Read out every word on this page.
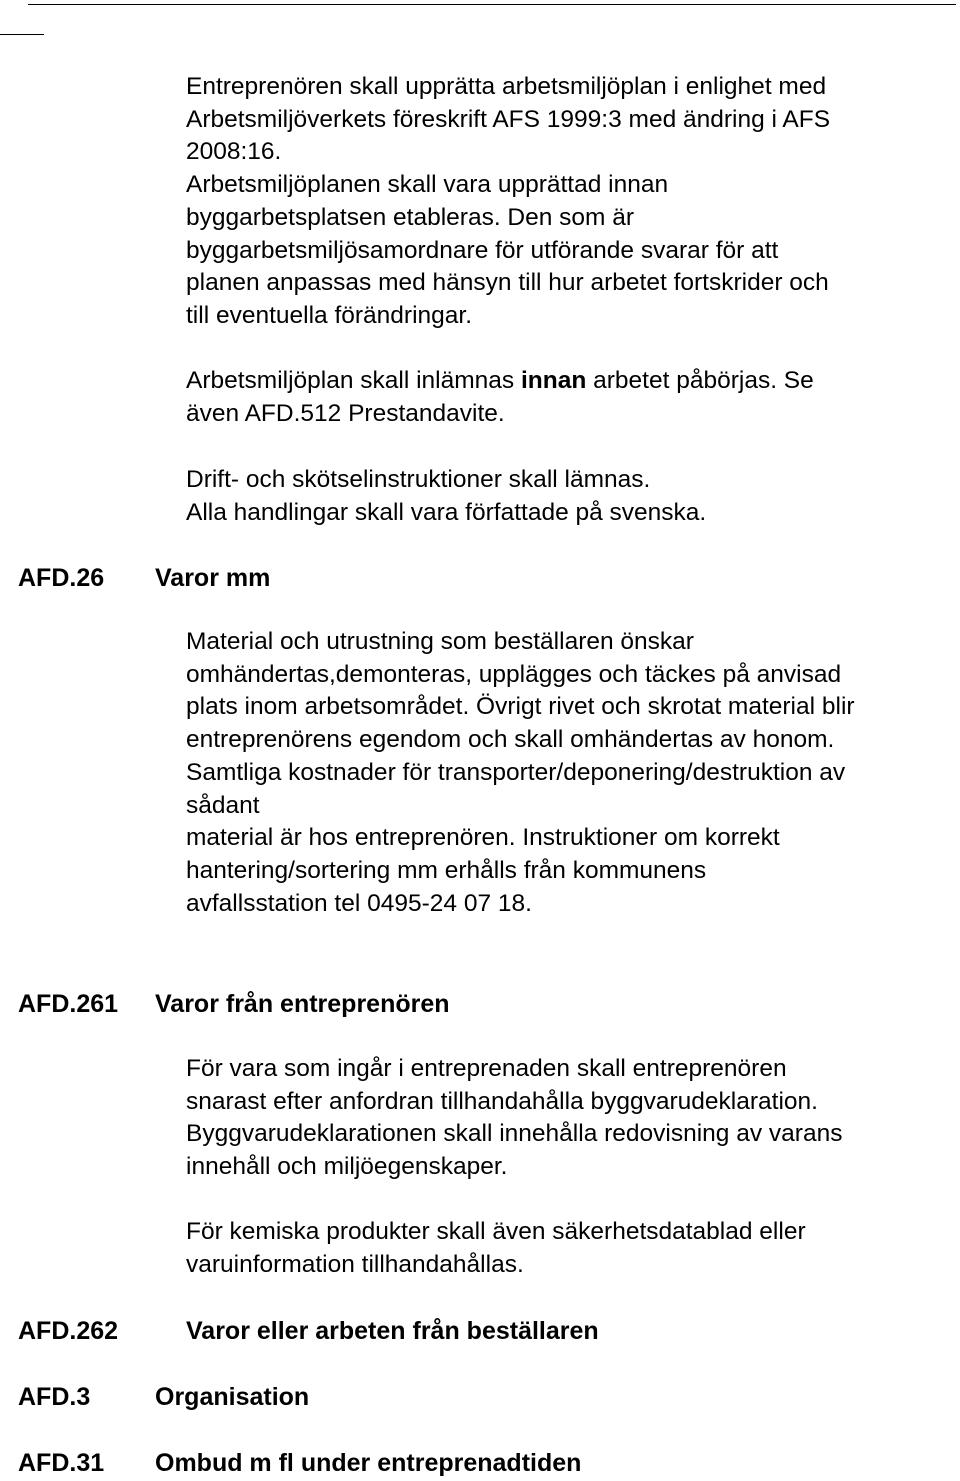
Entreprenören skall upprätta arbetsmiljöplan i enlighet med
Arbetsmiljöverkets föreskrift AFS 1999:3 med ändring i AFS
2008:16.
Arbetsmiljöplanen skall vara upprättad innan
byggarbetsplatsen etableras. Den som är
byggarbetsmiljösamordnare för utförande svarar för att
planen anpassas med hänsyn till hur arbetet fortskrider och
till eventuella förändringar.
Arbetsmiljöplan skall inlämnas innan arbetet påbörjas. Se
även AFD.512 Prestandavite.
Drift- och skötselinstruktioner skall lämnas.
Alla handlingar skall vara författade på svenska.
AFD.26 Varor mm
Material och utrustning som beställaren önskar
omhändertas,demonteras, upplägges och täckes på anvisad
plats inom arbetsområdet. Övrigt rivet och skrotat material blir
entreprenörens egendom och skall omhändertas av honom.
Samtliga kostnader för transporter/deponering/destruktion av
sådant
material är hos entreprenören. Instruktioner om korrekt
hantering/sortering mm erhålls från kommunens
avfallsstation tel 0495-24 07 18.
AFD.261 Varor från entreprenören
För vara som ingår i entreprenaden skall entreprenören
snarast efter anfordran tillhandahålla byggvarudeklaration.
Byggvarudeklarationen skall innehålla redovisning av varans
innehåll och miljöegenskaper.
För kemiska produkter skall även säkerhetsdatablad eller
varuinformation tillhandahållas.
AFD.262	Varor eller arbeten från beställaren
AFD.3	Organisation
AFD.31 Ombud m fl under entreprenadtiden
